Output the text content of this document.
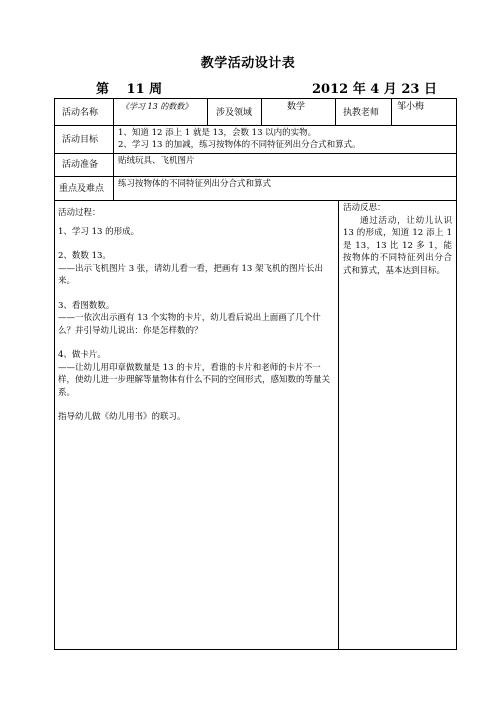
教学活动设计表
第　 11 周	2012 年 4 月 23 日
活动名称
《学习 13 的数数》
涉及领域
数学
执教老师
邹小梅
活动目标

1、知道 12 添上 1 就是 13，会数 13 以内的实物。

2、学习 13 的加减，练习按物体的不同特征列出分合式和算式。

活动准备 贴绒玩具、飞机图片
重点及难点 练习按物体的不同特征列出分合式和算式

活动过程：

1、学习 13 的形成。

2、数数 13。

——出示飞机图片 3 张，请幼儿看一看，把画有 13 架飞机的图片长出来。

3、看图数数。

——一依次出示画有 13 个实物的卡片，幼儿看后说出上面画了几个什么？并引导幼儿说出：你是怎样数的？

4、做卡片。

——让幼儿用印章做数量是 13 的卡片，看谁的卡片和老师的卡片不一样，使幼儿进一步理解等量物体有什么不同的空间形式，感知数的等量关系。

指导幼儿做《幼儿用书》的联习。

活动反思：

通过活动，让幼儿认识 13 的形成，知道 12 添上 1 是 13，13 比 12 多 1，能按物体的不同特征列出分合式和算式，基本达到目标。
